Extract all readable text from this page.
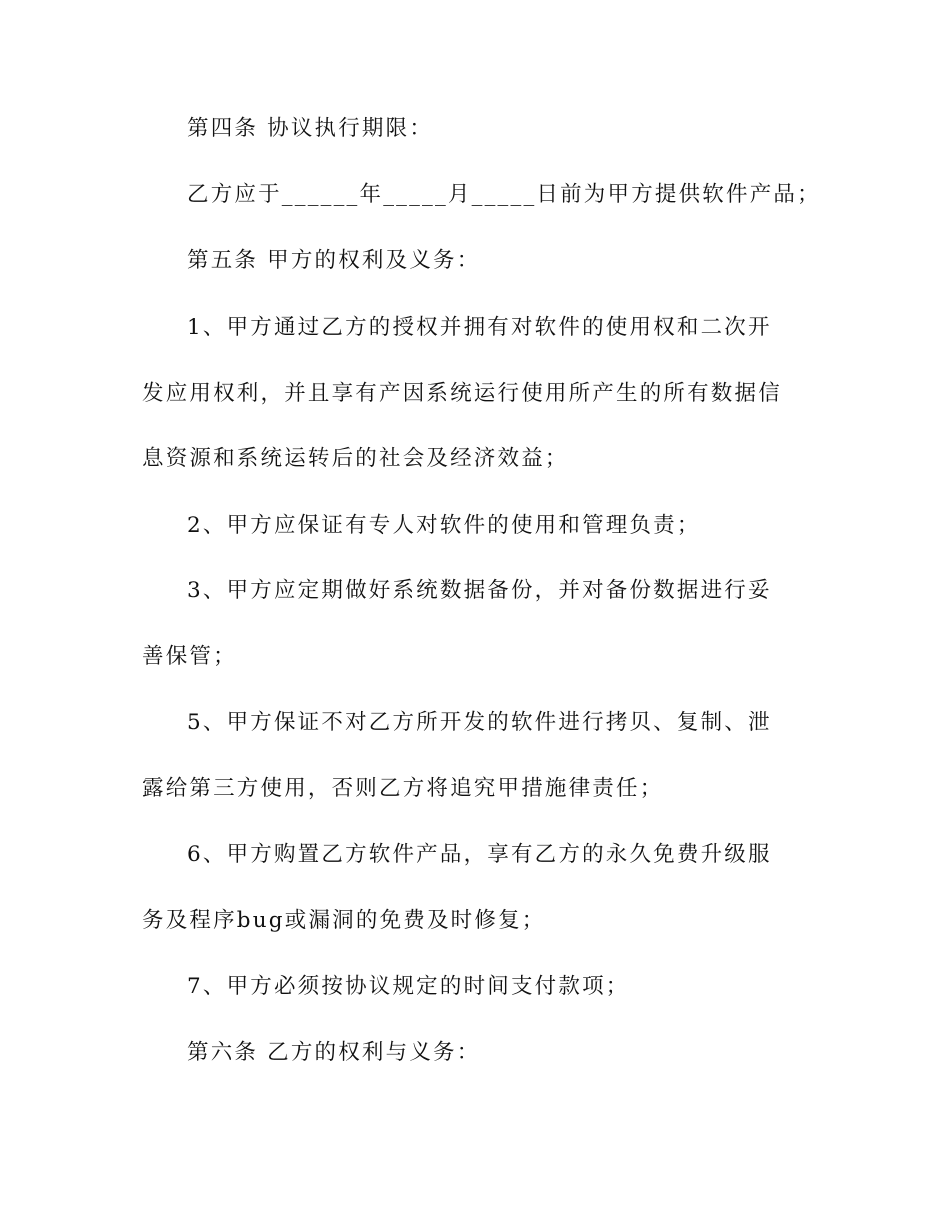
第四条 协议执行期限：
乙方应于______年_____月_____日前为甲方提供软件产品；
第五条 甲方的权利及义务：
1、甲方通过乙方的授权并拥有对软件的使用权和二次开
发应用权利，并且享有产因系统运行使用所产生的所有数据信
息资源和系统运转后的社会及经济效益；
2、甲方应保证有专人对软件的使用和管理负责；
3、甲方应定期做好系统数据备份，并对备份数据进行妥
善保管；
5、甲方保证不对乙方所开发的软件进行拷贝、复制、泄
露给第三方使用，否则乙方将追究甲措施律责任；
6、甲方购置乙方软件产品，享有乙方的永久免费升级服
务及程序bug或漏洞的免费及时修复；
7、甲方必须按协议规定的时间支付款项；
第六条 乙方的权利与义务：
